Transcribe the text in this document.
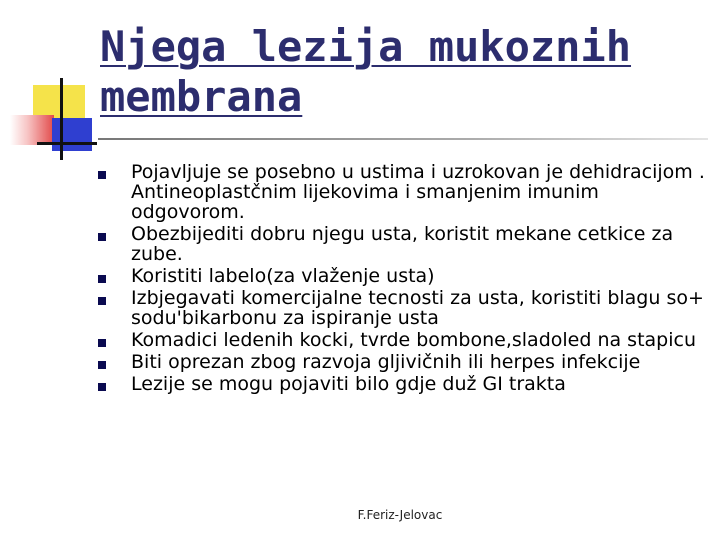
Njega lezija mukoznih membrana
Pojavljuje se posebno u ustima i uzrokovan je dehidracijom . Antineoplastčnim lijekovima i smanjenim imunim odgovorom.
Obezbijediti dobru njegu usta, koristit mekane cetkice za zube.
Koristiti labelo(za vlaženje usta)
Izbjegavati komercijalne tecnosti za usta, koristiti blagu so+ sodu'bikarbonu za ispiranje usta
Komadici ledenih kocki, tvrde bombone,sladoled na stapicu
Biti oprezan zbog razvoja gljivičnih ili herpes infekcije
Lezije se mogu pojaviti bilo gdje duž GI trakta
F.Feriz-Jelovac
